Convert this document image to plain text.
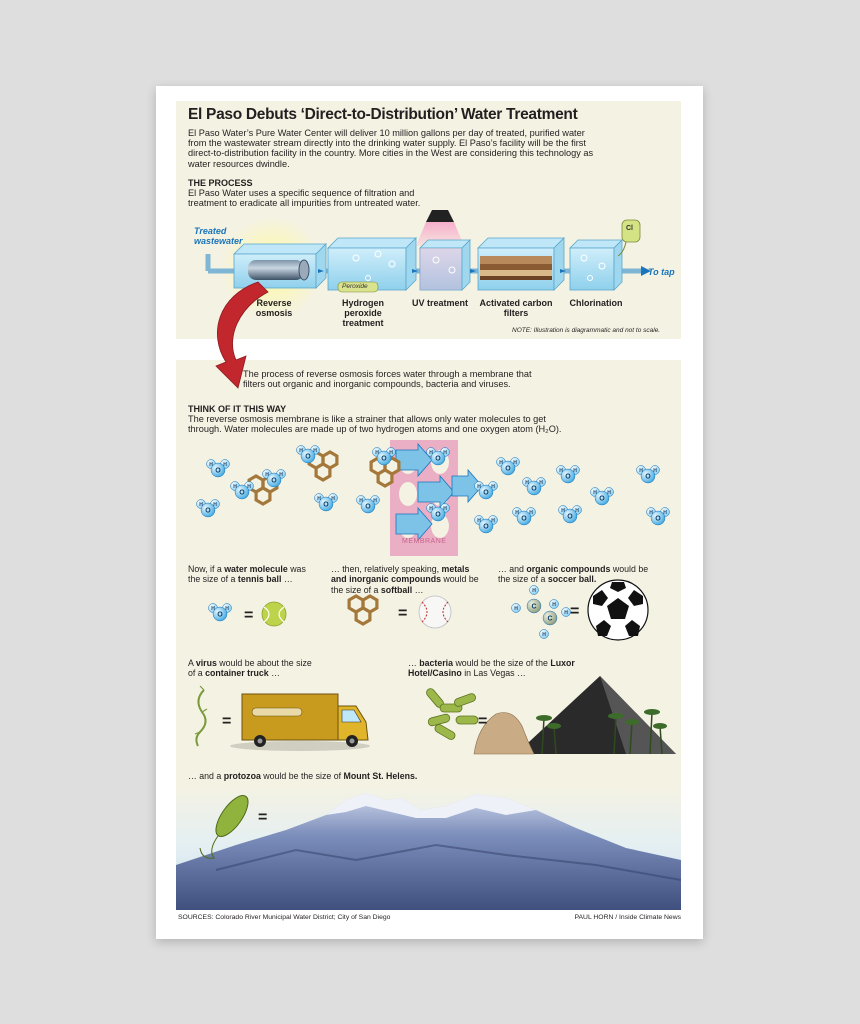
El Paso Debuts ‘Direct-to-Distribution’ Water Treatment

El Paso Water’s Pure Water Center will deliver 10 million gallons per day of treated, purified water from the wastewater stream directly into the drinking water supply. El Paso’s facility will be the first direct-to-distribution facility in the country. More cities in the West are considering this technology as water resources dwindle.

THE PROCESS

El Paso Water uses a specific sequence of filtration and treatment to eradicate all impurities from untreated water.

Treated wastewater
To tap
Peroxide
Cl
Reverse osmosis
Hydrogen peroxide treatment
UV treatment	Activated carbon filters
Chlorination
NOTE: Illustration is diagrammatic and not to scale.

The process of reverse osmosis forces water through a membrane that filters out organic and inorganic compounds, bacteria and viruses.

THINK OF IT THIS WAY

The reverse osmosis membrane is like a strainer that allows only water molecules to get through. Water molecules are made up of two hydrogen atoms and one oxygen atom (H₂O).

H H
O
H H
O
H H
O
H H
O
H H
O
H H
O
H H
O
H H
O
H H
O
H H
O
H H
O
H H
O
H H
O
H H
O
H H
O
H H
O
H H
O
H H
O
H H
O
H H
O
MEMBRANE

Now, if a water molecule was the size of a tennis ball …

… then, relatively speaking, metals and inorganic compounds would be the size of a softball …

… and organic compounds would be the size of a soccer ball.

=	=	=
=	=
=
H H
O
H
H
H
C
C
H
H

A virus would be about the size of a container truck …

… bacteria would be the size of the Luxor Hotel/Casino in Las Vegas …

… and a protozoa would be the size of Mount St. Helens.

SOURCES: Colorado River Municipal Water District; City of San Diego	PAUL HORN / Inside Climate News
